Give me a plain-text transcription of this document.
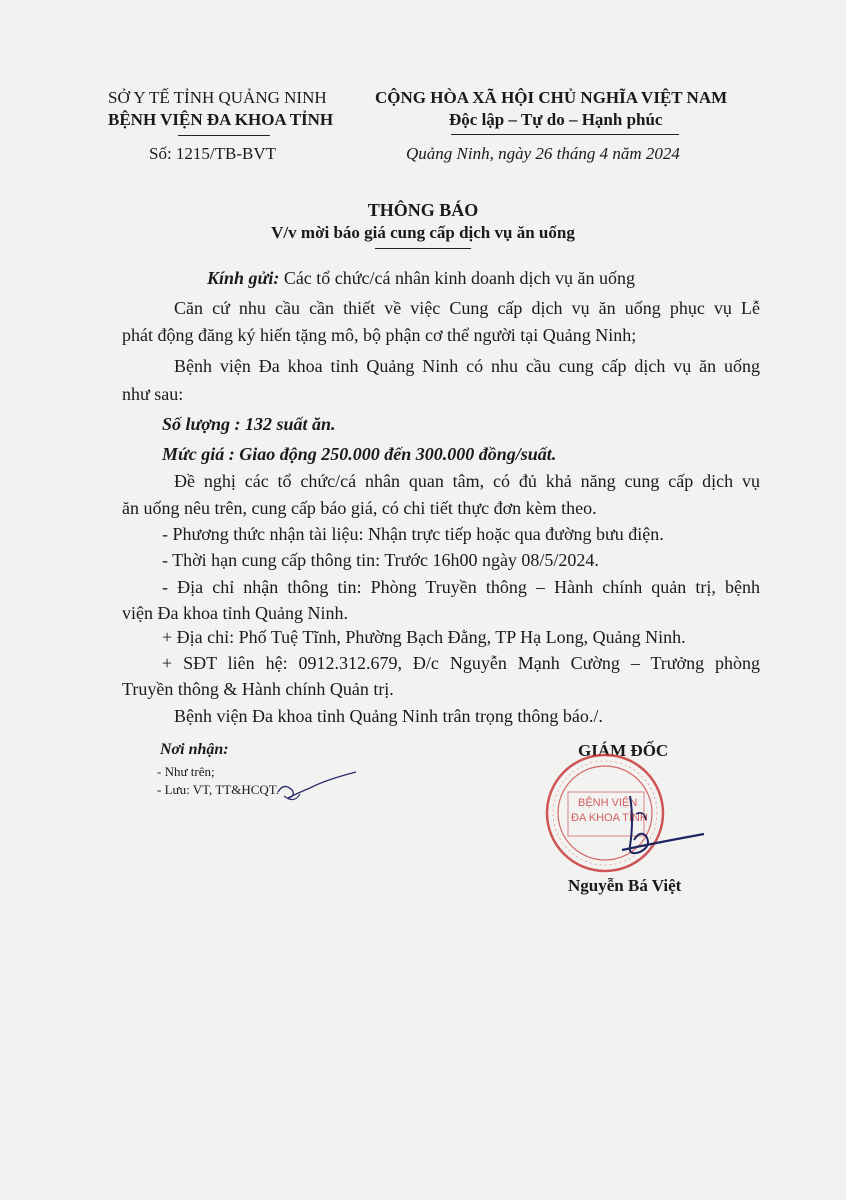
SỞ Y TẾ TỈNH QUẢNG NINH
BỆNH VIỆN ĐA KHOA TỈNH
Số: 1215/TB-BVT
CỘNG HÒA XÃ HỘI CHỦ NGHĨA VIỆT NAM
Độc lập – Tự do – Hạnh phúc
Quảng Ninh, ngày 26 tháng 4 năm 2024
THÔNG BÁO
V/v mời báo giá cung cấp dịch vụ ăn uống
Kính gửi: Các tổ chức/cá nhân kinh doanh dịch vụ ăn uống
Căn cứ nhu cầu cần thiết về việc Cung cấp dịch vụ ăn uống phục vụ Lễ
phát động đăng ký hiến tặng mô, bộ phận cơ thể người tại Quảng Ninh;
Bệnh viện Đa khoa tỉnh Quảng Ninh có nhu cầu cung cấp dịch vụ ăn uống
như sau:
Số lượng : 132 suất ăn.
Mức giá : Giao động 250.000 đến 300.000 đồng/suất.
Đề nghị các tổ chức/cá nhân quan tâm, có đủ khả năng cung cấp dịch vụ
ăn uống nêu trên, cung cấp báo giá, có chi tiết thực đơn kèm theo.
- Phương thức nhận tài liệu: Nhận trực tiếp hoặc qua đường bưu điện.
- Thời hạn cung cấp thông tin: Trước 16h00 ngày 08/5/2024.
- Địa chỉ nhận thông tin: Phòng Truyền thông – Hành chính quản trị, bệnh
viện Đa khoa tỉnh Quảng Ninh.
+ Địa chỉ: Phố Tuệ Tĩnh, Phường Bạch Đằng, TP Hạ Long, Quảng Ninh.
+ SĐT liên hệ: 0912.312.679, Đ/c Nguyễn Mạnh Cường – Trưởng phòng
Truyền thông & Hành chính Quản trị.
Bệnh viện Đa khoa tỉnh Quảng Ninh trân trọng thông báo./.
Nơi nhận:
- Như trên;
- Lưu: VT, TT&HCQT.
GIÁM ĐỐC
BỆNH VIỆN
ĐA KHOA TỈNH
Nguyễn Bá Việt
